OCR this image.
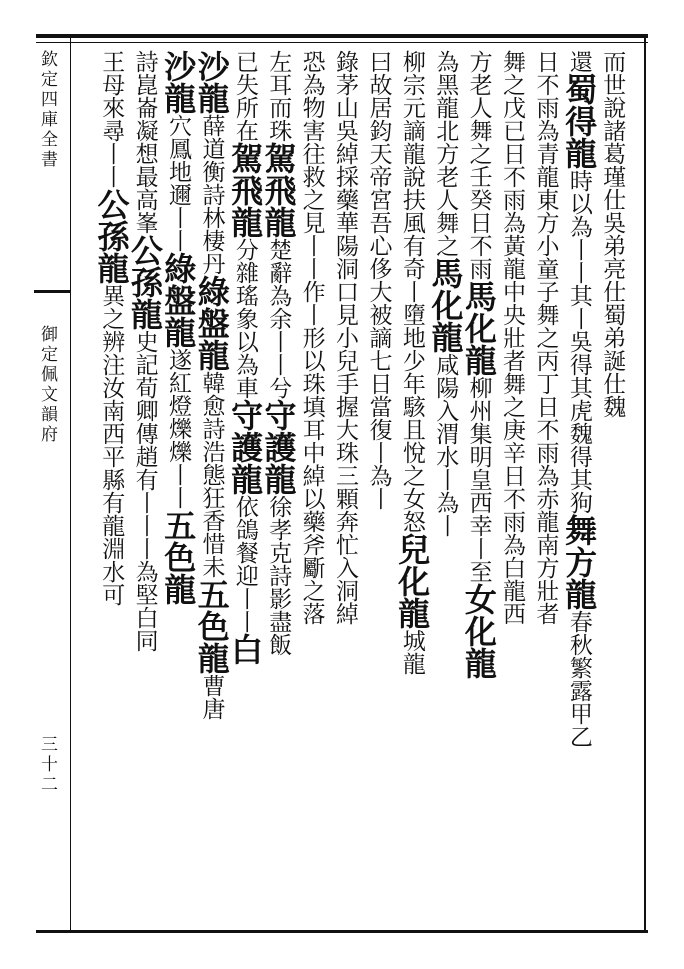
欽定四庫全書
御定佩文韻府
三十二
而
世說諸葛瑾仕吳弟亮仕蜀弟誕仕魏
還
蜀得龍
時以為丨丨其丨吳得其虎魏得其狗
舞方龍
春秋繁露甲乙
日不雨為青龍東方小童子舞之丙丁日不雨為赤龍南方壯者
舞之戊已日不雨為黃龍中央壯者舞之庚辛日不雨為白龍西
方老人舞之壬癸日不雨
馬化龍
柳州集明皇西幸丨至
女化龍
為黑龍北方老人舞之
馬化龍
咸陽入渭水丨為丨
柳宗元謫龍說扶風有奇丨墮地少年駭且悅之女怒
兒化龍
城龍
曰故居鈞天帝宮吾心侈大被謫七日當復丨為丨
錄茅山吳綽採藥華陽洞口見小兒手握大珠三顆奔忙入洞綽
恐為物害往救之見丨丨作丨形以珠填耳中綽以藥斧斸之落
左耳而珠
駕飛龍
楚辭為余丨丨兮
守護龍
徐孝克詩影盡飯
已失所在
駕飛龍
分雜瑤象以為車
守護龍
依鴿餐迎丨丨
白
沙龍
薛道衡詩林棲丹
綠盤龍
韓愈詩浩態狂香惜未
五色龍
曹唐
沙龍
穴鳳地邇丨丨
綠盤龍
遂紅燈爍爍丨丨
五色龍
詩崑崙凝想最高峯
公孫龍
史記荀卿傳趙有丨丨丨為堅白同
王母來尋丨丨
公孫龍
異之辨注汝南西平縣有龍淵水可
